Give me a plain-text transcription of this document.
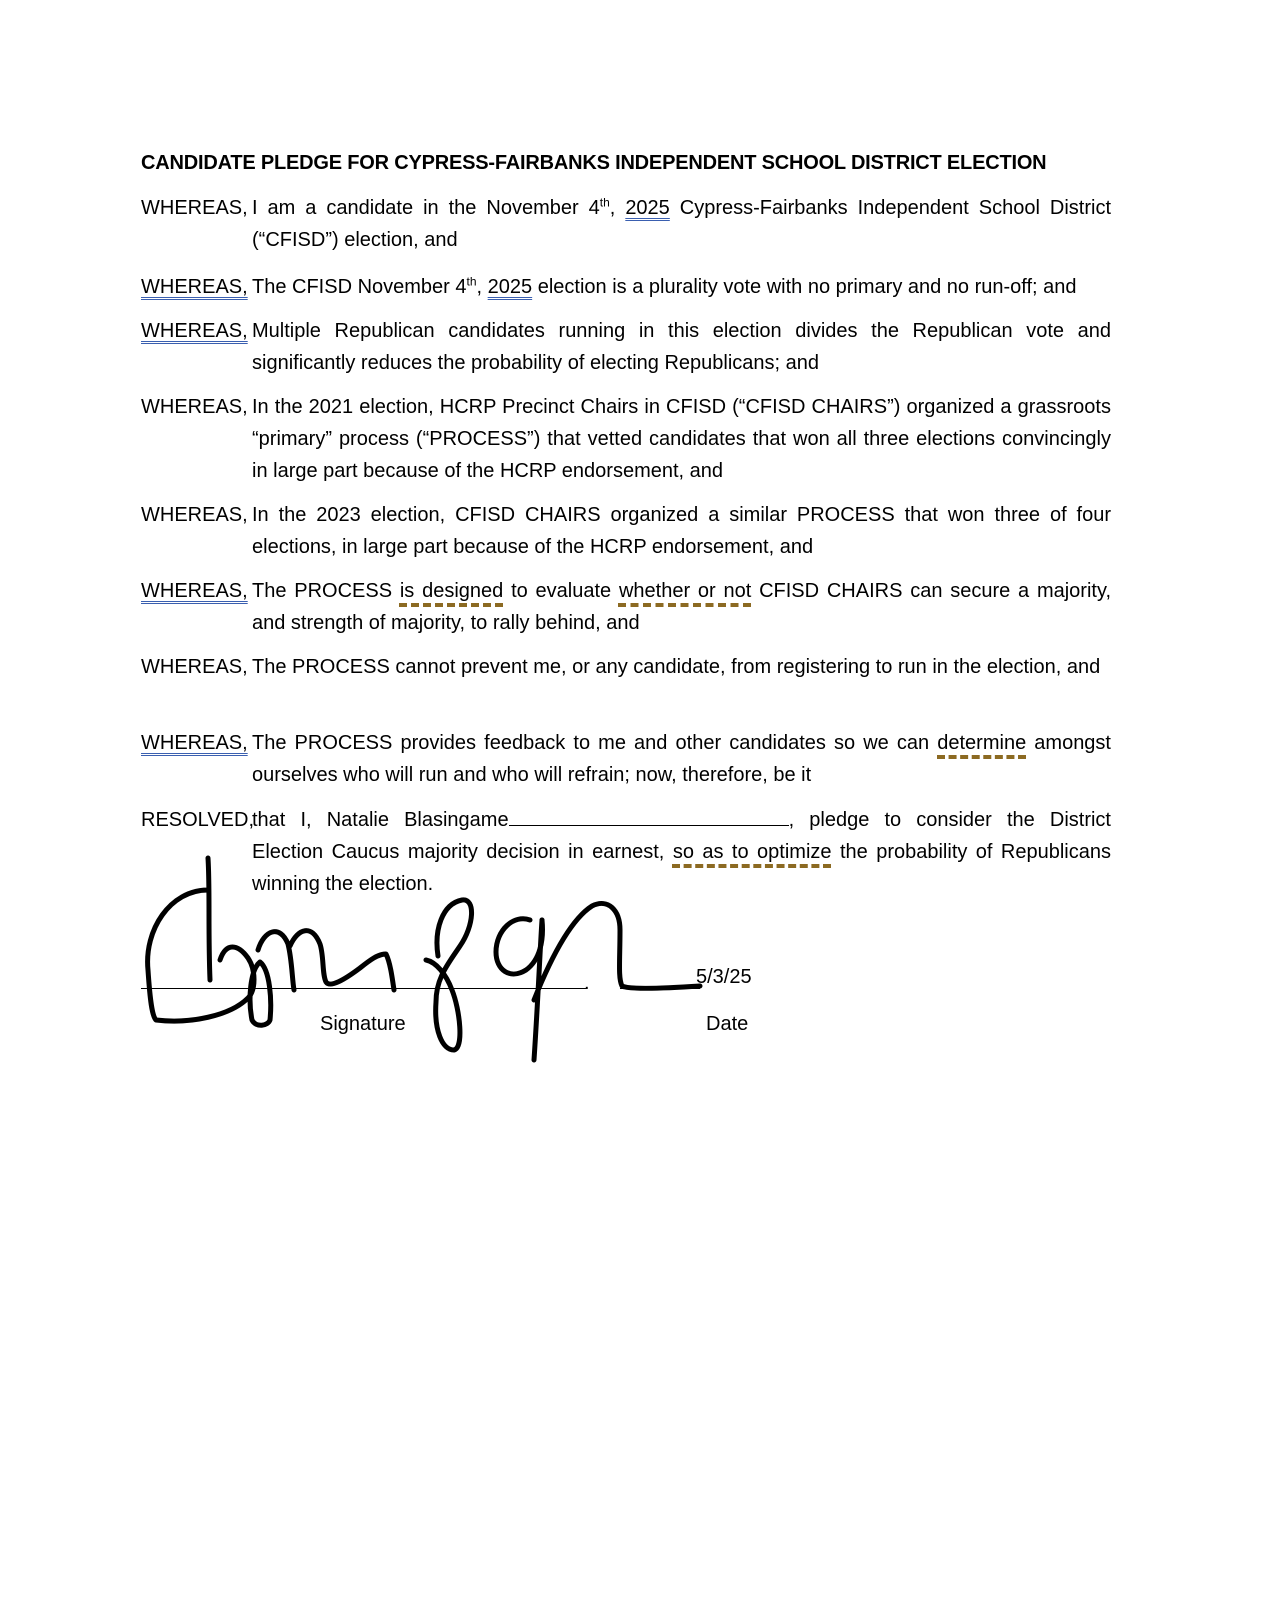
CANDIDATE PLEDGE FOR CYPRESS-FAIRBANKS INDEPENDENT SCHOOL DISTRICT ELECTION
WHEREAS, I am a candidate in the November 4th, 2025 Cypress-Fairbanks Independent School District (“CFISD”) election, and
WHEREAS, The CFISD November 4th, 2025 election is a plurality vote with no primary and no run-off; and
WHEREAS, Multiple Republican candidates running in this election divides the Republican vote and significantly reduces the probability of electing Republicans; and
WHEREAS, In the 2021 election, HCRP Precinct Chairs in CFISD (“CFISD CHAIRS”) organized a grassroots “primary” process (“PROCESS”) that vetted candidates that won all three elections convincingly in large part because of the HCRP endorsement, and
WHEREAS, In the 2023 election, CFISD CHAIRS organized a similar PROCESS that won three of four elections, in large part because of the HCRP endorsement, and
WHEREAS, The PROCESS is designed to evaluate whether or not CFISD CHAIRS can secure a majority, and strength of majority, to rally behind, and
WHEREAS, The PROCESS cannot prevent me, or any candidate, from registering to run in the election, and
WHEREAS, The PROCESS provides feedback to me and other candidates so we can determine amongst ourselves who will run and who will refrain; now, therefore, be it
RESOLVED,
that I, Natalie Blasingame	, pledge to consider the District Election Caucus majority decision in earnest, so as to optimize the probability of Republicans winning the election.
.	5/3/25
Signature	Date
